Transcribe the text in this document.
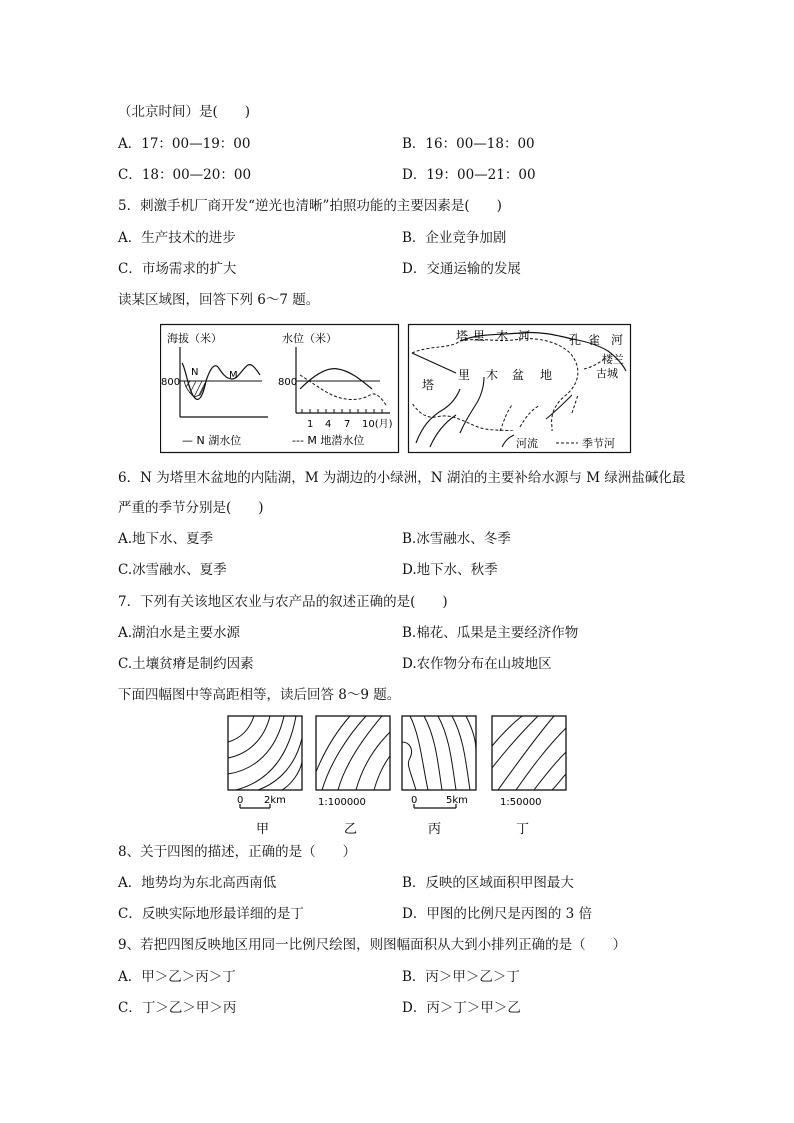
（北京时间）是(　　)
A．17：00—19：00	B．16：00—18：00
C．18：00—20：00	D．19：00—21：00
5．刺激手机厂商开发“逆光也清晰”拍照功能的主要因素是(　　)
A．生产技术的进步	B．企业竞争加剧
C．市场需求的扩大	D．交通运输的发展
读某区域图，回答下列 6～7 题。
海拔（米）
800
N	M
水位（米）
800
1 4 7 10(月)
— N 湖水位	--- M 地潜水位
塔 里 木 河	孔 雀 河
楼兰
古城
塔
里 木 盆 地
河流	季节河
6．N 为塔里木盆地的内陆湖，M 为湖边的小绿洲，N 湖泊的主要补给水源与 M 绿洲盐碱化最
严重的季节分别是(　　)
A.地下水、夏季	B.冰雪融水、冬季
C.冰雪融水、夏季	D.地下水、秋季
7．下列有关该地区农业与农产品的叙述正确的是(　　)
A.湖泊水是主要水源	B.棉花、瓜果是主要经济作物
C.土壤贫瘠是制约因素	D.农作物分布在山坡地区
下面四幅图中等高距相等，读后回答 8～9 题。
0 2km
甲
1:100000
乙
0	5km
丙
1:50000
丁
8、关于四图的描述，正确的是（　　）
A．地势均为东北高西南低	B．反映的区域面积甲图最大
C．反映实际地形最详细的是丁	D．甲图的比例尺是丙图的 3 倍
9、若把四图反映地区用同一比例尺绘图，则图幅面积从大到小排列正确的是（　　）
A．甲＞乙＞丙＞丁	B．丙＞甲＞乙＞丁
C．丁＞乙＞甲＞丙	D．丙＞丁＞甲＞乙
